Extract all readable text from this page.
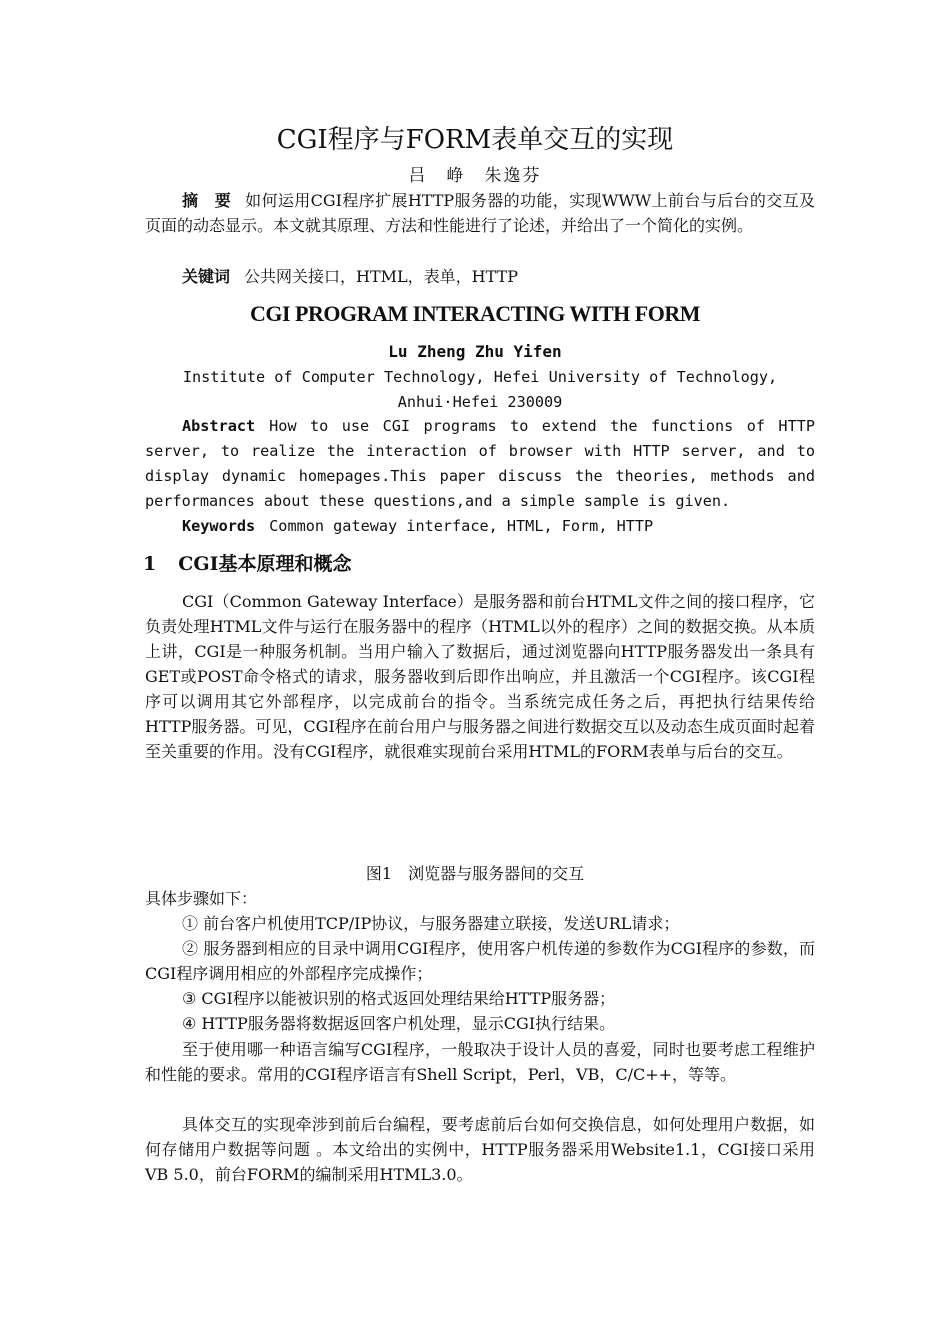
CGI程序与FORM表单交互的实现
吕　峥　朱逸芬

摘　要 如何运用CGI程序扩展HTTP服务器的功能，实现WWW上前台与后台的交互及页面的动态显示。本文就其原理、方法和性能进行了论述，并给出了一个简化的实例。

关键词 公共网关接口，HTML，表单，HTTP

CGI PROGRAM INTERACTING WITH FORM
Lu Zheng Zhu Yifen
Institute of Computer Technology, Hefei University of Technology, Anhui·Hefei 230009

Abstract How to use CGI programs to extend the functions of HTTP server, to realize the interaction of browser with HTTP server, and to display dynamic homepages.This paper discuss the theories, methods and performances about these questions,and a simple sample is given.

Keywords Common gateway interface, HTML, Form, HTTP

1 CGI基本原理和概念

CGI（Common Gateway Interface）是服务器和前台HTML文件之间的接口程序，它负责处理HTML文件与运行在服务器中的程序（HTML以外的程序）之间的数据交换。从本质上讲，CGI是一种服务机制。当用户输入了数据后，通过浏览器向HTTP服务器发出一条具有GET或POST命令格式的请求，服务器收到后即作出响应，并且激活一个CGI程序。该CGI程序可以调用其它外部程序，以完成前台的指令。当系统完成任务之后，再把执行结果传给HTTP服务器。可见，CGI程序在前台用户与服务器之间进行数据交互以及动态生成页面时起着至关重要的作用。没有CGI程序，就很难实现前台采用HTML的FORM表单与后台的交互。

图1　浏览器与服务器间的交互

具体步骤如下：

① 前台客户机使用TCP/IP协议，与服务器建立联接，发送URL请求；

② 服务器到相应的目录中调用CGI程序，使用客户机传递的参数作为CGI程序的参数，而CGI程序调用相应的外部程序完成操作；

③ CGI程序以能被识别的格式返回处理结果给HTTP服务器；

④ HTTP服务器将数据返回客户机处理，显示CGI执行结果。

至于使用哪一种语言编写CGI程序，一般取决于设计人员的喜爱，同时也要考虑工程维护和性能的要求。常用的CGI程序语言有Shell Script，Perl，VB，C/C++，等等。

具体交互的实现牵涉到前后台编程，要考虑前后台如何交换信息，如何处理用户数据，如何存储用户数据等问题 。本文给出的实例中，HTTP服务器采用Website1.1，CGI接口采用VB 5.0，前台FORM的编制采用HTML3.0。
